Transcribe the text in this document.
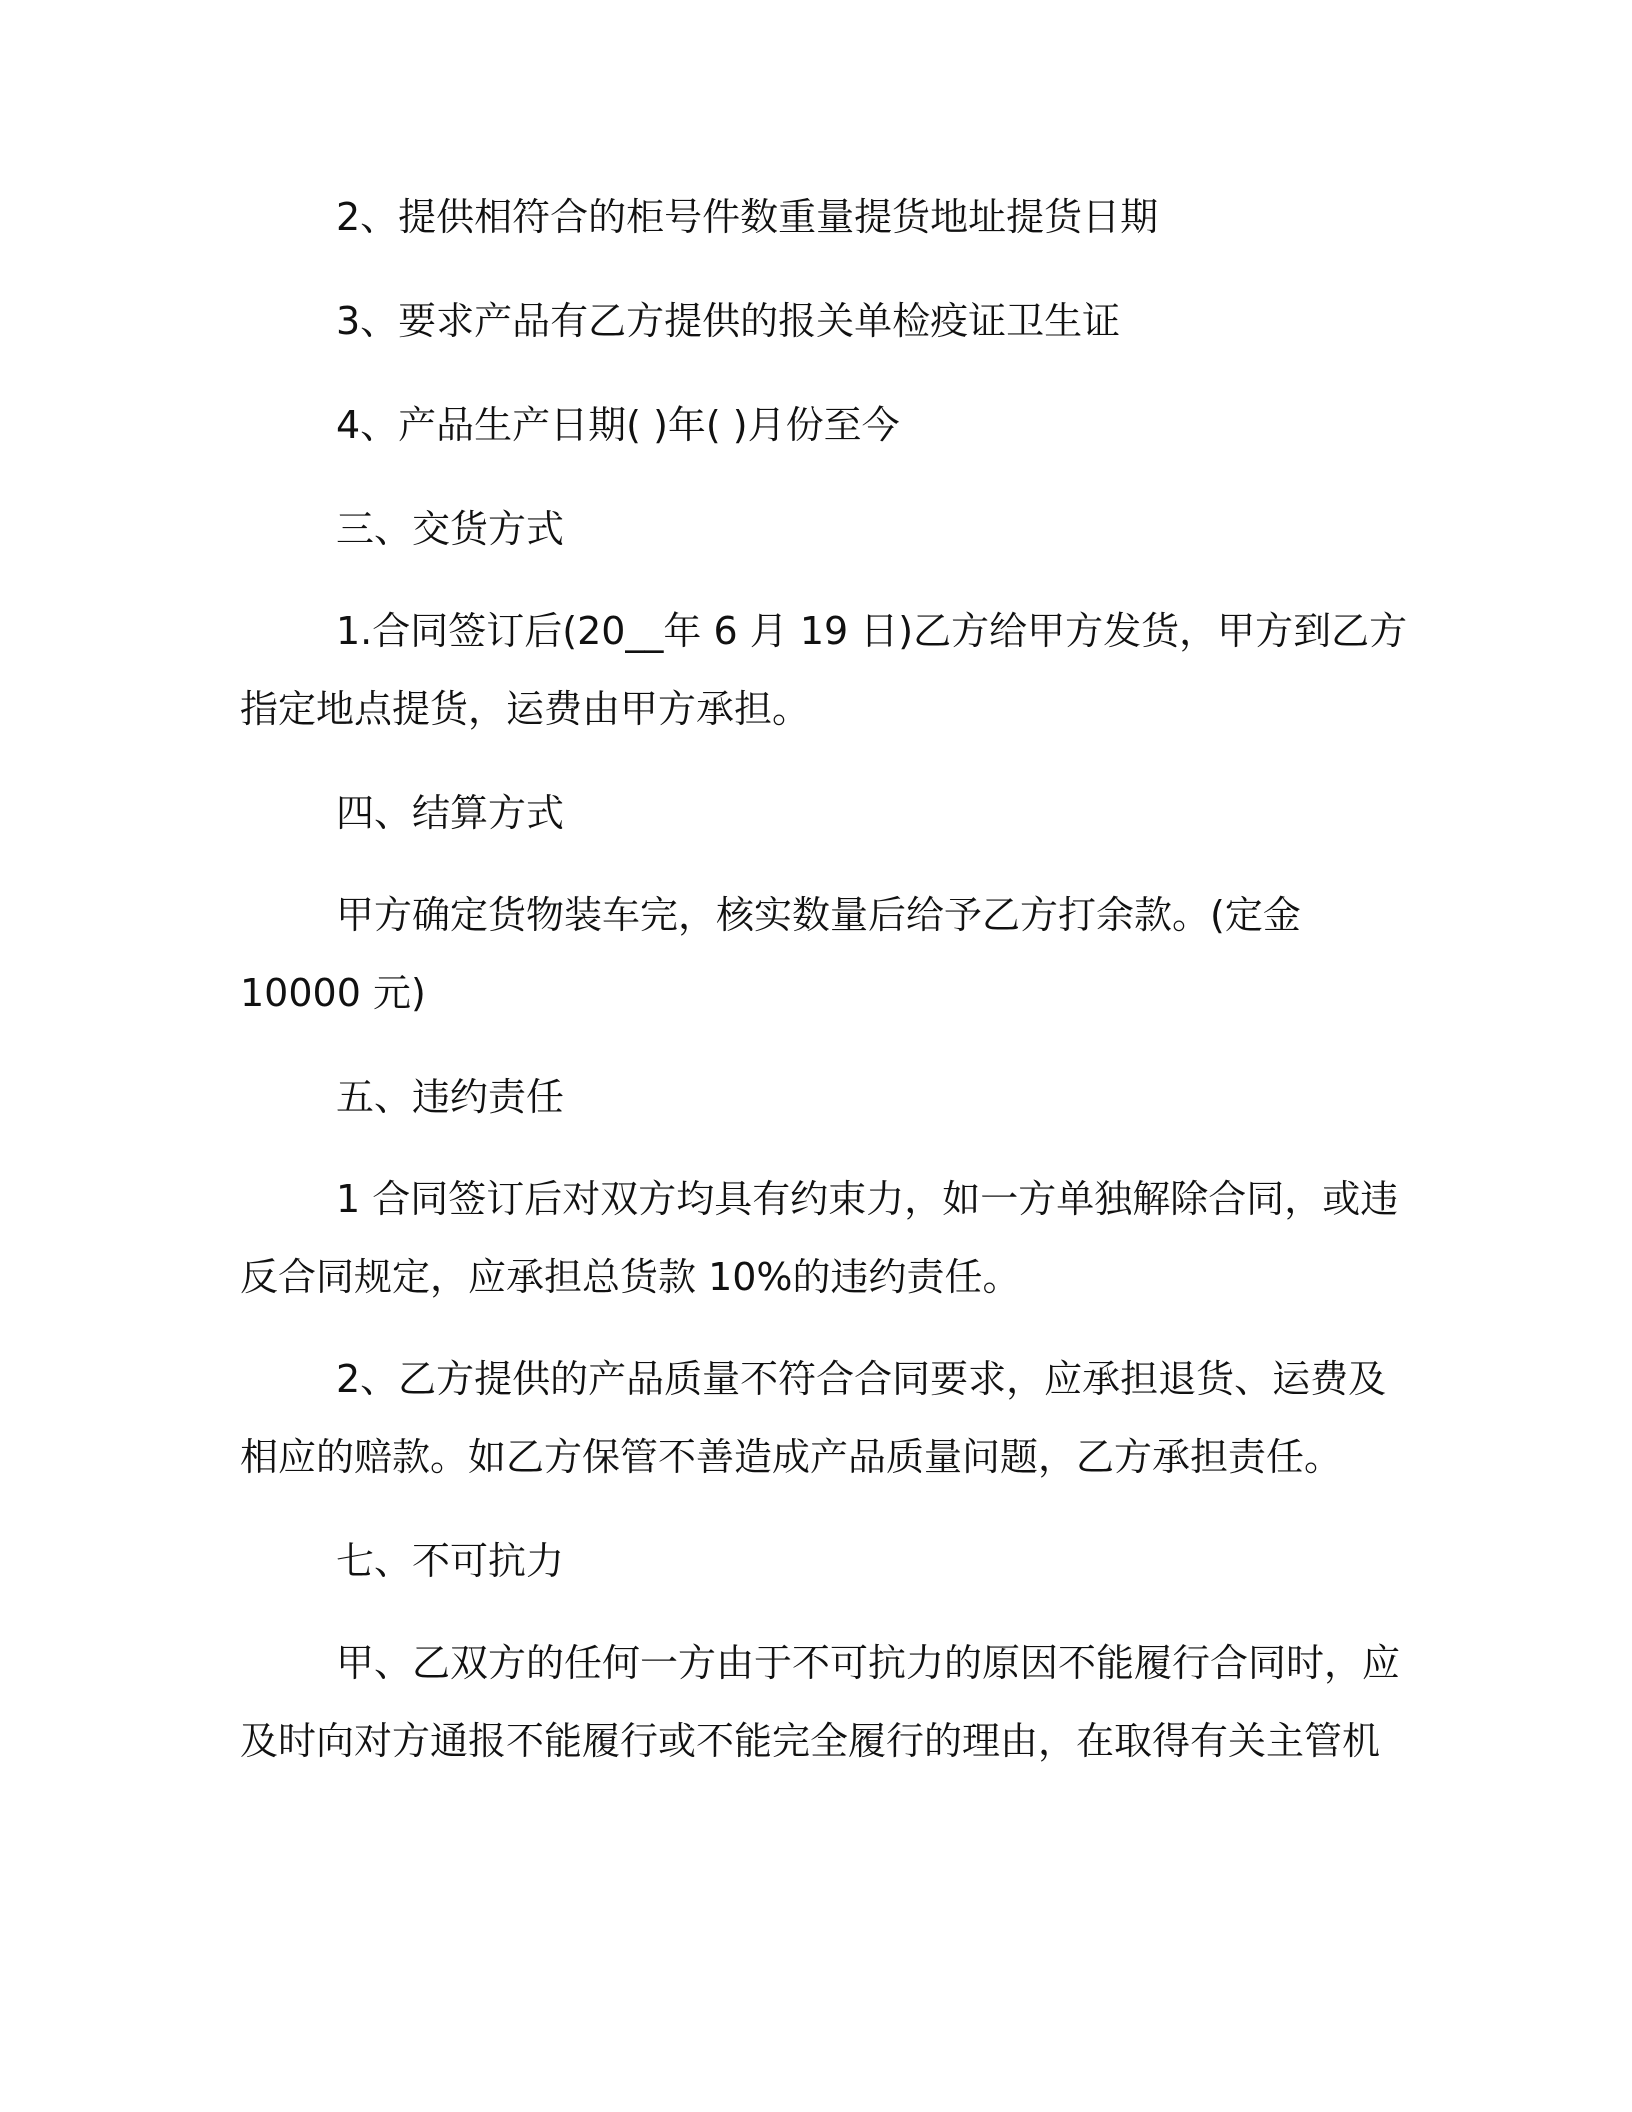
2、提供相符合的柜号件数重量提货地址提货日期
3、要求产品有乙方提供的报关单检疫证卫生证
4、产品生产日期( )年( )月份至今
三、交货方式
1.合同签订后(20__年 6 月 19 日)乙方给甲方发货，甲方到乙方
指定地点提货，运费由甲方承担。
四、结算方式
甲方确定货物装车完，核实数量后给予乙方打余款。(定金
10000 元)
五、违约责任
1 合同签订后对双方均具有约束力，如一方单独解除合同，或违
反合同规定，应承担总货款 10%的违约责任。
2、乙方提供的产品质量不符合合同要求，应承担退货、运费及
相应的赔款。如乙方保管不善造成产品质量问题，乙方承担责任。
七、不可抗力
甲、乙双方的任何一方由于不可抗力的原因不能履行合同时，应
及时向对方通报不能履行或不能完全履行的理由，在取得有关主管机
